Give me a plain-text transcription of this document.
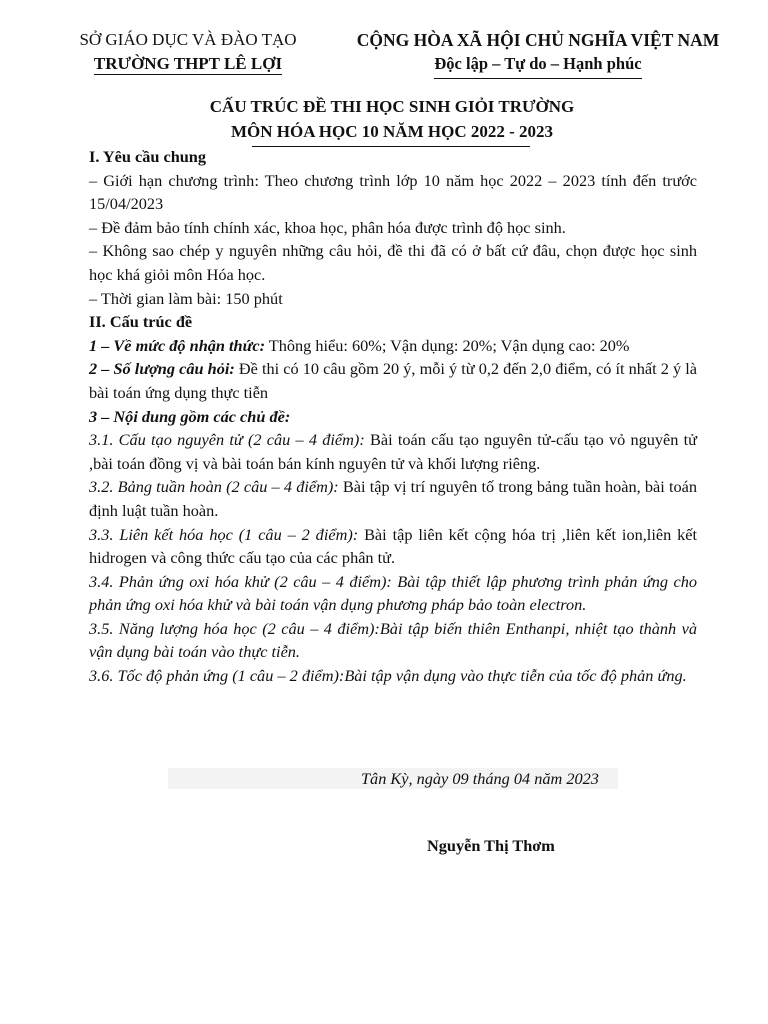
SỞ GIÁO DỤC VÀ ĐÀO TẠO
TRƯỜNG THPT LÊ LỢI
CỘNG HÒA XÃ HỘI CHỦ NGHĨA VIỆT NAM
Độc lập – Tự do – Hạnh phúc
CẤU TRÚC ĐỀ THI HỌC SINH GIỎI TRƯỜNG
MÔN HÓA HỌC 10 NĂM HỌC 2022 - 2023

I. Yêu cầu chung

– Giới hạn chương trình: Theo chương trình lớp 10 năm học 2022 – 2023 tính đến trước 15/04/2023

– Đề đảm bảo tính chính xác, khoa học, phân hóa được trình độ học sinh.

– Không sao chép y nguyên những câu hỏi, đề thi đã có ở bất cứ đâu, chọn được học sinh học khá giỏi môn Hóa học.

– Thời gian làm bài: 150 phút

II. Cấu trúc đề

1 – Về mức độ nhận thức: Thông hiểu: 60%; Vận dụng: 20%; Vận dụng cao: 20%

2 – Số lượng câu hỏi: Đề thi có 10 câu gồm 20 ý, mỗi ý từ 0,2 đến 2,0 điểm, có ít nhất 2 ý là bài toán ứng dụng thực tiễn

3 – Nội dung gồm các chủ đề:

3.1. Cấu tạo nguyên tử (2 câu – 4 điểm): Bài toán cấu tạo nguyên tử-cấu tạo vỏ nguyên tử ,bài toán đồng vị và bài toán bán kính nguyên tử và khối lượng riêng.

3.2. Bảng tuần hoàn (2 câu – 4 điểm): Bài tập vị trí nguyên tố trong bảng tuần hoàn, bài toán định luật tuần hoàn.

3.3. Liên kết hóa học (1 câu – 2 điểm): Bài tập liên kết cộng hóa trị ,liên kết ion,liên kết hidrogen và công thức cấu tạo của các phân tử.

3.4. Phản ứng oxi hóa khử (2 câu – 4 điểm): Bài tập thiết lập phương trình phản ứng cho phản ứng oxi hóa khử và bài toán vận dụng phương pháp bảo toàn electron.

3.5. Năng lượng hóa học (2 câu – 4 điểm):Bài tập biến thiên Enthanpi, nhiệt tạo thành và vận dụng bài toán vào thực tiễn.

3.6. Tốc độ phản ứng (1 câu – 2 điểm):Bài tập vận dụng vào thực tiễn của tốc độ phản ứng.

Tân Kỳ, ngày 09 tháng 04 năm 2023
Nguyễn Thị Thơm
